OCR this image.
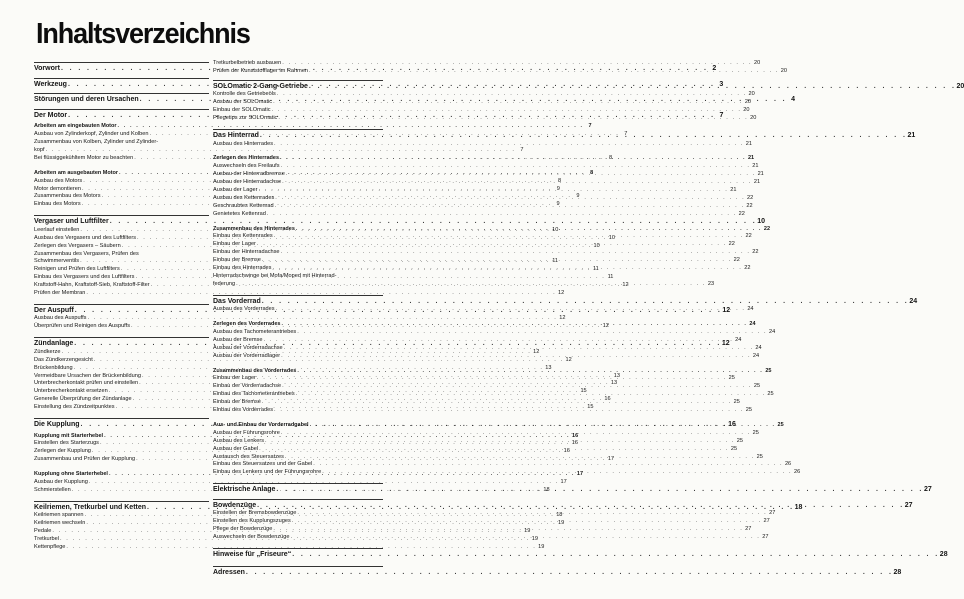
Inhaltsverzeichnis
Vorwort . . .	2
Werkzeug . . .	3
Störungen und deren Ursachen . . .	4
Der Motor . . .	7
Arbeiten am eingebauten Motor . . .	7
Ausbau von Zylinderkopf, Zylinder und Kolben . . .	7
Zusammenbau von Kolben, Zylinder und Zylinder-
kopf . . .	7
Bei flüssiggekühltem Motor zu beachten . . .	8
Arbeiten am ausgebauten Motor . . .	8
Ausbau des Motors . . .	8
Motor demontieren . . .	9
Zusammenbau des Motors . . .	9
Einbau des Motors . . .	9
Vergaser und Luftfilter . . .	10
Leerlauf einstellen . . .	10
Ausbau des Vergasers und des Luftfilters . . .	10
Zerlegen des Vergasers – Säubern . . .	10
Zusammenbau des Vergasers, Prüfen des
Schwimmerventils . . .	11
Reinigen und Prüfen des Luftfilters . . .	11
Einbau des Vergasers und des Luftfilters . . .	11
Kraftstoff-Hahn, Kraftstoff-Sieb, Kraftstoff-Filter . . .	12
Prüfen der Membran . . .	12
Der Auspuff . . .	12
Ausbau des Auspuffs . . .	12
Überprüfen und Reinigen des Auspuffs . . .	12
Zündanlage . . .	12
Zündkerze . . .	12
Das Zündkerzengesicht . . .	12
Brückenbildung . . .	13
Vermeidbare Ursachen der Brückenbildung . . .	13
Unterbrecherkontakt prüfen und einstellen . . .	13
Unterbrecherkontakt ersetzen . . .	15
Generelle Überprüfung der Zündanlage . . .	16
Einstellung des Zündzeitpunktes . . .	15
Die Kupplung . . .	16
Kupplung mit Starterhebel . . .	16
Einstellen des Starterzugs . . .	16
Zerlegen der Kupplung . . .	16
Zusammenbau und Prüfen der Kupplung . . .	17
Kupplung ohne Starterhebel . . .	17
Ausbau der Kupplung . . .	17
Schmierstellen . . .	18
Keilriemen, Tretkurbel und Ketten . . .	18
Keilriemen spannen . . .	18
Keilriemen wechseln . . .	19
Pedale . . .	19
Tretkurbel . . .	19
Kettenpflege . . .	19
Tretkurbelbetrieb ausbauen . . .	20
Prüfen der Kunststofflager im Rahmen . . .	20
SOLOmatic 2-Gang-Getriebe . . .	20
Kontrolle des Getriebeöls . . .	20
Ausbau der SOLOmatic . . .	20
Einbau der SOLOmatic . . .	20
Pflegetips zur SOLOmatic . . .	20
Das Hinterrad . . .	21
Ausbau des Hinterrades . . .	21
Zerlegen des Hinterrades . . .	21
Auswechseln des Freilaufs . . .	21
Ausbau der Hinterradbremse . . .	21
Ausbau der Hinterradachse . . .	21
Ausbau der Lager . . .	21
Ausbau des Kettenrades . . .	22
Geschraubtes Kettenrad . . .	22
Genietetes Kettenrad . . .	22
Zusammenbau des Hinterrades . . .	22
Einbau des Kettenrades . . .	22
Einbau der Lager . . .	22
Einbau der Hinterradachse . . .	22
Einbau der Bremse . . .	22
Einbau des Hinterrades . . .	22
Hinterradschwinge bei Mofa/Moped mit Hinterrad-
federung . . .	23
Das Vorderrad . . .	24
Ausbau des Vorderrades . . .	24
Zerlegen des Vorderrades . . .	24
Ausbau des Tachometerantriebes . . .	24
Ausbau der Bremse . . .	24
Ausbau der Vorderradachse . . .	24
Ausbau der Vorderradlager . . .	24
Zusammenbau des Vorderrades . . .	25
Einbau der Lager . . .	25
Einbau der Vorderradachse . . .	25
Einbau des Tachometerantriebes . . .	25
Einbau der Bremse . . .	25
Einbau des Vorderrades . . .	25
Aus- und Einbau der Vorderradgabel . . .	25
Ausbau der Führungsrohre . . .	25
Ausbau des Lenkers . . .	25
Ausbau der Gabel . . .	25
Austausch des Steuersatzes . . .	25
Einbau des Steuersatzes und der Gabel . . .	26
Einbau des Lenkers und der Führungsrohre . . .	26
Elektrische Anlage . . .	27
Bowdenzüge . . .	27
Einstellen der Bremsbowdenzüge . . .	27
Einstellen des Kupplungszuges . . .	27
Pflege der Bowdenzüge . . .	27
Auswechseln der Bowdenzüge . . .	27
Hinweise für „Friseure“ . . .	28
Adressen . . .	28
